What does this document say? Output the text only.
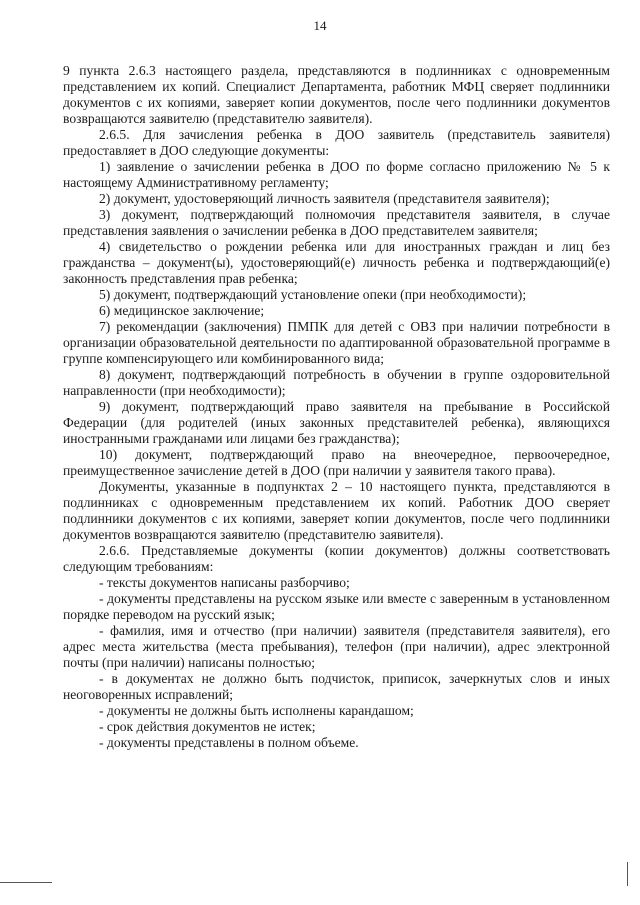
14

9 пункта 2.6.3 настоящего раздела, представляются в подлинниках с одновременным представлением их копий. Специалист Департамента, работник МФЦ сверяет подлинники документов с их копиями, заверяет копии документов, после чего подлинники документов возвращаются заявителю (представителю заявителя).

2.6.5. Для зачисления ребенка в ДОО заявитель (представитель заявителя) предоставляет в ДОО следующие документы:

1) заявление о зачислении ребенка в ДОО по форме согласно приложению № 5 к настоящему Административному регламенту;

2) документ, удостоверяющий личность заявителя (представителя заявителя);

3) документ, подтверждающий полномочия представителя заявителя, в случае представления заявления о зачислении ребенка в ДОО представителем заявителя;

4) свидетельство о рождении ребенка или для иностранных граждан и лиц без гражданства – документ(ы), удостоверяющий(е) личность ребенка и подтверждающий(е) законность представления прав ребенка;

5) документ, подтверждающий установление опеки (при необходимости);

6) медицинское заключение;

7) рекомендации (заключения) ПМПК для детей с ОВЗ при наличии потребности в организации образовательной деятельности по адаптированной образовательной программе в группе компенсирующего или комбинированного вида;

8) документ, подтверждающий потребность в обучении в группе оздоровительной направленности (при необходимости);

9) документ, подтверждающий право заявителя на пребывание в Российской Федерации (для родителей (иных законных представителей ребенка), являющихся иностранными гражданами или лицами без гражданства);

10) документ, подтверждающий право на внеочередное, первоочередное, преимущественное зачисление детей в ДОО (при наличии у заявителя такого права).

Документы, указанные в подпунктах 2 – 10 настоящего пункта, представляются в подлинниках с одновременным представлением их копий. Работник ДОО сверяет подлинники документов с их копиями, заверяет копии документов, после чего подлинники документов возвращаются заявителю (представителю заявителя).

2.6.6. Представляемые документы (копии документов) должны соответствовать следующим требованиям:

- тексты документов написаны разборчиво;

- документы представлены на русском языке или вместе с заверенным в установленном порядке переводом на русский язык;

- фамилия, имя и отчество (при наличии) заявителя (представителя заявителя), его адрес места жительства (места пребывания), телефон (при наличии), адрес электронной почты (при наличии) написаны полностью;

- в документах не должно быть подчисток, приписок, зачеркнутых слов и иных неоговоренных исправлений;

- документы не должны быть исполнены карандашом;

- срок действия документов не истек;

- документы представлены в полном объеме.
